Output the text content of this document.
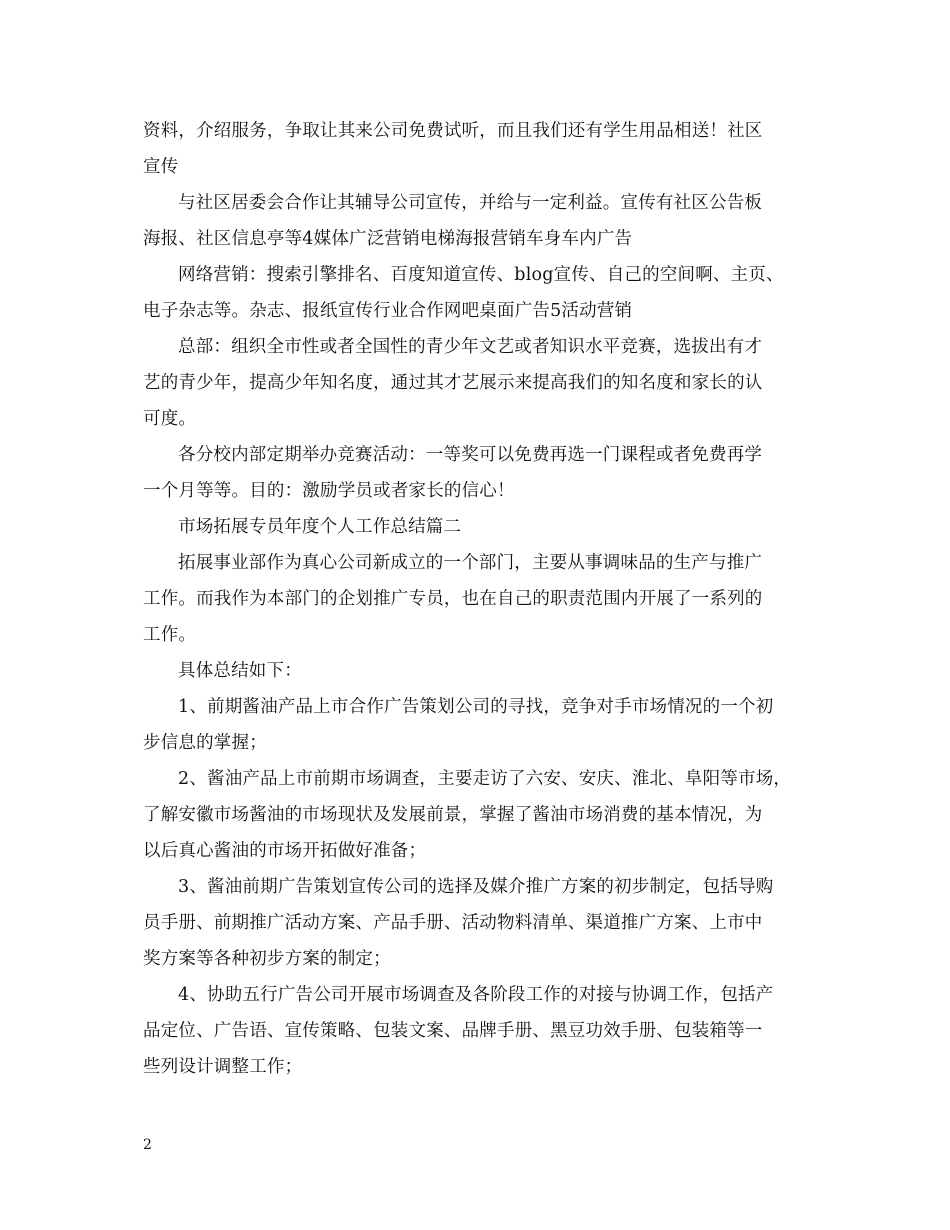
资料，介绍服务，争取让其来公司免费试听，而且我们还有学生用品相送！社区
宣传
与社区居委会合作让其辅导公司宣传，并给与一定利益。宣传有社区公告板
海报、社区信息亭等4媒体广泛营销电梯海报营销车身车内广告
网络营销：搜索引擎排名、百度知道宣传、blog宣传、自己的空间啊、主页、
电子杂志等。杂志、报纸宣传行业合作网吧桌面广告5活动营销
总部：组织全市性或者全国性的青少年文艺或者知识水平竞赛，选拔出有才
艺的青少年，提高少年知名度，通过其才艺展示来提高我们的知名度和家长的认
可度。
各分校内部定期举办竞赛活动：一等奖可以免费再选一门课程或者免费再学
一个月等等。目的：激励学员或者家长的信心！
市场拓展专员年度个人工作总结篇二
拓展事业部作为真心公司新成立的一个部门，主要从事调味品的生产与推广
工作。而我作为本部门的企划推广专员，也在自己的职责范围内开展了一系列的
工作。
具体总结如下：
1、前期酱油产品上市合作广告策划公司的寻找，竞争对手市场情况的一个初
步信息的掌握；
2、酱油产品上市前期市场调查，主要走访了六安、安庆、淮北、阜阳等市场，
了解安徽市场酱油的市场现状及发展前景，掌握了酱油市场消费的基本情况，为
以后真心酱油的市场开拓做好准备；
3、酱油前期广告策划宣传公司的选择及媒介推广方案的初步制定，包括导购
员手册、前期推广活动方案、产品手册、活动物料清单、渠道推广方案、上市中
奖方案等各种初步方案的制定；
4、协助五行广告公司开展市场调查及各阶段工作的对接与协调工作，包括产
品定位、广告语、宣传策略、包装文案、品牌手册、黑豆功效手册、包装箱等一
些列设计调整工作；
2
